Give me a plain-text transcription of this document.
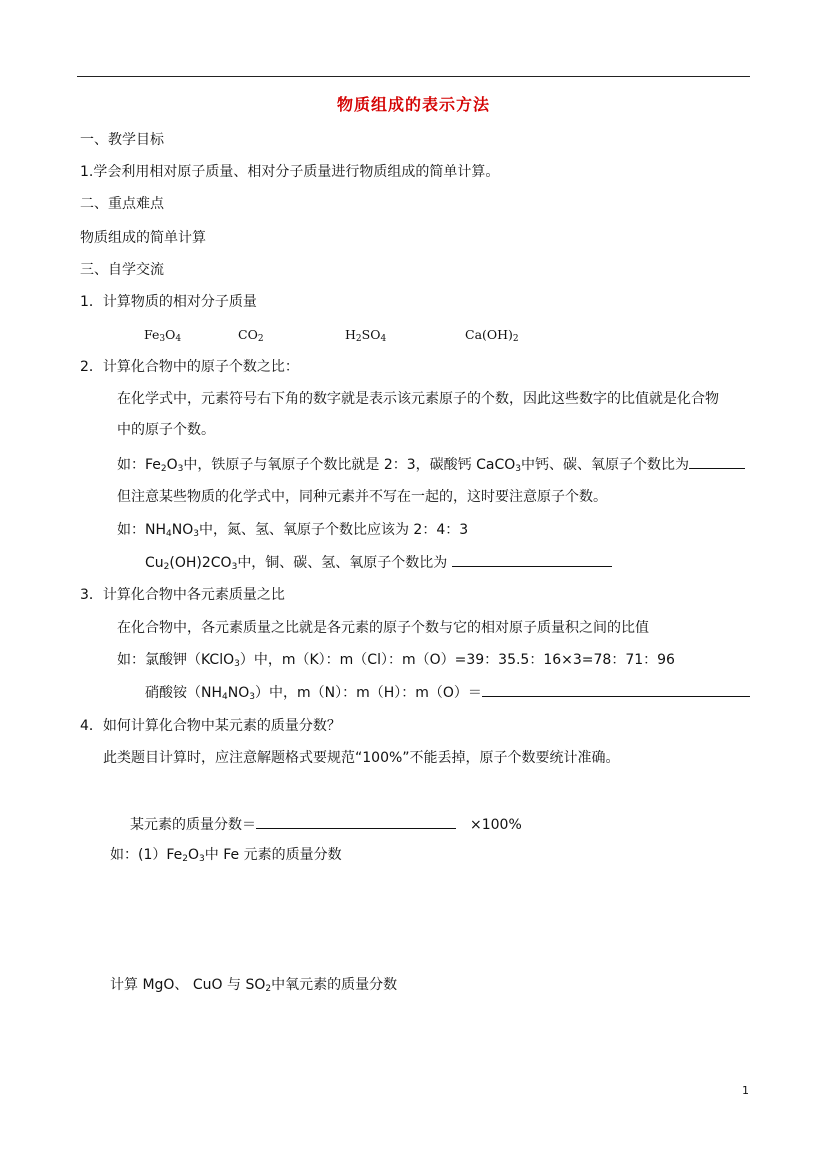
物质组成的表示方法
一、教学目标
1.学会利用相对原子质量、相对分子质量进行物质组成的简单计算。
二、重点难点
物质组成的简单计算
三、自学交流
1．计算物质的相对分子质量
$Fe_3O_4$	$CO_2$	$H_2SO_4$	$Ca(OH)_2$
2．计算化合物中的原子个数之比：
在化学式中，元素符号右下角的数字就是表示该元素原子的个数，因此这些数字的比值就是化合物
中的原子个数。
如：$Fe_2O_3$中，铁原子与氧原子个数比就是 2：3，碳酸钙 CaCO$_3$中钙、碳、氧原子个数比为
但注意某些物质的化学式中，同种元素并不写在一起的，这时要注意原子个数。
如：$NH_4NO_3$中，氮、氢、氧原子个数比应该为 2：4：3
$Cu_2(OH)2CO_3$中，铜、碳、氢、氧原子个数比为
3．计算化合物中各元素质量之比
在化合物中，各元素质量之比就是各元素的原子个数与它的相对原子质量积之间的比值
如：氯酸钾（KClO$_3$）中，m（K）：m（Cl）：m（O）=39：35.5：16×3=78：71：96
硝酸铵$(NH_4NO_3)$中，m（N）：m（H）：m（O）＝
4．如何计算化合物中某元素的质量分数？
此类题目计算时，应注意解题格式要规范“100%”不能丢掉，原子个数要统计准确。
某元素的质量分数＝	×100%
如：$(1)Fe_2O_3$中 Fe 元素的质量分数
计算 MgO、 CuO 与 $SO_2$中氧元素的质量分数
1
